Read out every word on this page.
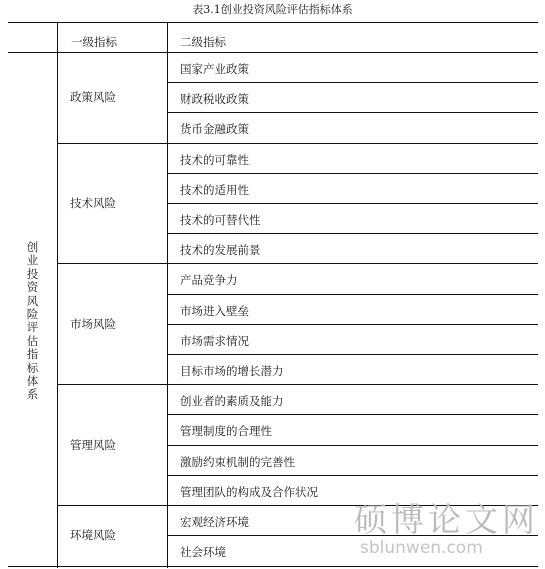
表3.1创业投资风险评估指标体系
一级指标	二级指标
创
业
投
资
风
险
评
估
指
标
体
系
政策风险
国家产业政策
财政税收政策
货币金融政策
技术风险
技术的可靠性
技术的适用性
技术的可替代性
技术的发展前景
市场风险
产品竞争力
市场进入壁垒
市场需求情况
目标市场的增长潜力
管理风险
创业者的素质及能力
管理制度的合理性
激励约束机制的完善性
管理团队的构成及合作状况
环境风险
宏观经济环境
社会环境
硕博论文网
sblunwen.com
